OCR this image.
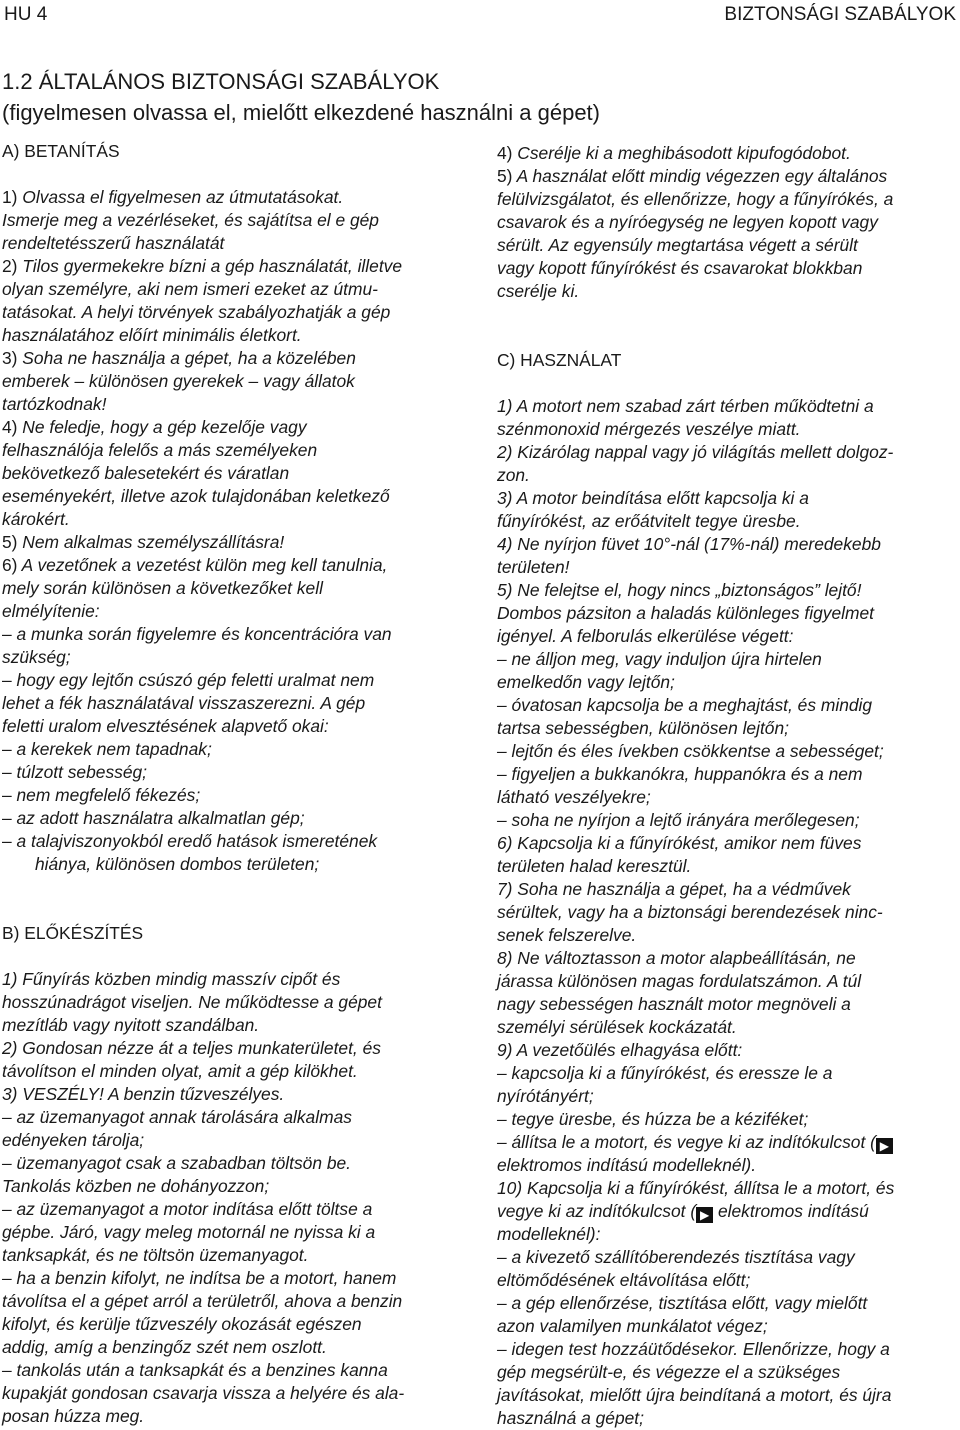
HU 4	BIZTONSÁGI SZABÁLYOK
1.2 ÁLTALÁNOS BIZTONSÁGI SZABÁLYOK
(figyelmesen olvassa el, mielőtt elkezdené használni a gépet)
A) BETANÍTÁS
1) Olvassa el figyelmesen az útmutatásokat.
Ismerje meg a vezérléseket, és sajátítsa el e gép
rendeltetésszerű használatát
2) Tilos gyermekekre bízni a gép használatát, illetve
olyan személyre, aki nem ismeri ezeket az útmu-
tatásokat. A helyi törvények szabályozhatják a gép
használatához előírt minimális életkort.
3) Soha ne használja a gépet, ha a közelében
emberek – különösen gyerekek – vagy állatok
tartózkodnak!
4) Ne feledje, hogy a gép kezelője vagy
felhasználója felelős a más személyeken
bekövetkező balesetekért és váratlan
eseményekért, illetve azok tulajdonában keletkező
károkért.
5) Nem alkalmas személyszállításra!
6) A vezetőnek a vezetést külön meg kell tanulnia,
mely során különösen a következőket kell
elmélyítenie:
– a munka során figyelemre és koncentrációra van
szükség;
– hogy egy lejtőn csúszó gép feletti uralmat nem
lehet a fék használatával visszaszerezni. A gép
feletti uralom elvesztésének alapvető okai:
– a kerekek nem tapadnak;
– túlzott sebesség;
– nem megfelelő fékezés;
– az adott használatra alkalmatlan gép;
– a talajviszonyokból eredő hatások ismeretének
hiánya, különösen dombos területen;
B) ELŐKÉSZÍTÉS
1) Fűnyírás közben mindig masszív cipőt és
hosszúnadrágot viseljen. Ne működtesse a gépet
mezítláb vagy nyitott szandálban.
2) Gondosan nézze át a teljes munkaterületet, és
távolítson el minden olyat, amit a gép kilökhet.
3) VESZÉLY! A benzin tűzveszélyes.
– az üzemanyagot annak tárolására alkalmas
edényeken tárolja;
– üzemanyagot csak a szabadban töltsön be.
Tankolás közben ne dohányozzon;
– az üzemanyagot a motor indítása előtt töltse a
gépbe. Járó, vagy meleg motornál ne nyissa ki a
tanksapkát, és ne töltsön üzemanyagot.
– ha a benzin kifolyt, ne indítsa be a motort, hanem
távolítsa el a gépet arról a területről, ahova a benzin
kifolyt, és kerülje tűzveszély okozását egészen
addig, amíg a benzingőz szét nem oszlott.
– tankolás után a tanksapkát és a benzines kanna
kupakját gondosan csavarja vissza a helyére és ala-
posan húzza meg.
4) Cserélje ki a meghibásodott kipufogódobot.
5) A használat előtt mindig végezzen egy általános
felülvizsgálatot, és ellenőrizze, hogy a fűnyírókés, a
csavarok és a nyíróegység ne legyen kopott vagy
sérült. Az egyensúly megtartása végett a sérült
vagy kopott fűnyírókést és csavarokat blokkban
cserélje ki.
C) HASZNÁLAT
1) A motort nem szabad zárt térben működtetni a
szénmonoxid mérgezés veszélye miatt.
2) Kizárólag nappal vagy jó világítás mellett dolgoz-
zon.
3) A motor beindítása előtt kapcsolja ki a
fűnyírókést, az erőátvitelt tegye üresbe.
4) Ne nyírjon füvet 10°-nál (17%-nál) meredekebb
területen!
5) Ne felejtse el, hogy nincs „biztonságos” lejtő!
Dombos pázsiton a haladás különleges figyelmet
igényel. A felborulás elkerülése végett:
– ne álljon meg, vagy induljon újra hirtelen
emelkedőn vagy lejtőn;
– óvatosan kapcsolja be a meghajtást, és mindig
tartsa sebességben, különösen lejtőn;
– lejtőn és éles ívekben csökkentse a sebességet;
– figyeljen a bukkanókra, huppanókra és a nem
látható veszélyekre;
– soha ne nyírjon a lejtő irányára merőlegesen;
6) Kapcsolja ki a fűnyírókést, amikor nem füves
területen halad keresztül.
7) Soha ne használja a gépet, ha a védművek
sérültek, vagy ha a biztonsági berendezések ninc-
senek felszerelve.
8) Ne változtasson a motor alapbeállításán, ne
járassa különösen magas fordulatszámon. A túl
nagy sebességen használt motor megnöveli a
személyi sérülések kockázatát.
9) A vezetőülés elhagyása előtt:
– kapcsolja ki a fűnyírókést, és eressze le a
nyírótányért;
– tegye üresbe, és húzza be a kéziféket;
– állítsa le a motort, és vegye ki az indítókulcsot ( ▶
elektromos indítású modelleknél).
10) Kapcsolja ki a fűnyírókést, állítsa le a motort, és
vegye ki az indítókulcsot ( ▶ elektromos indítású
modelleknél):
– a kivezető szállítóberendezés tisztítása vagy
eltömődésének eltávolítása előtt;
– a gép ellenőrzése, tisztítása előtt, vagy mielőtt
azon valamilyen munkálatot végez;
– idegen test hozzáütődésekor. Ellenőrizze, hogy a
gép megsérült-e, és végezze el a szükséges
javításokat, mielőtt újra beindítaná a motort, és újra
használná a gépet;
